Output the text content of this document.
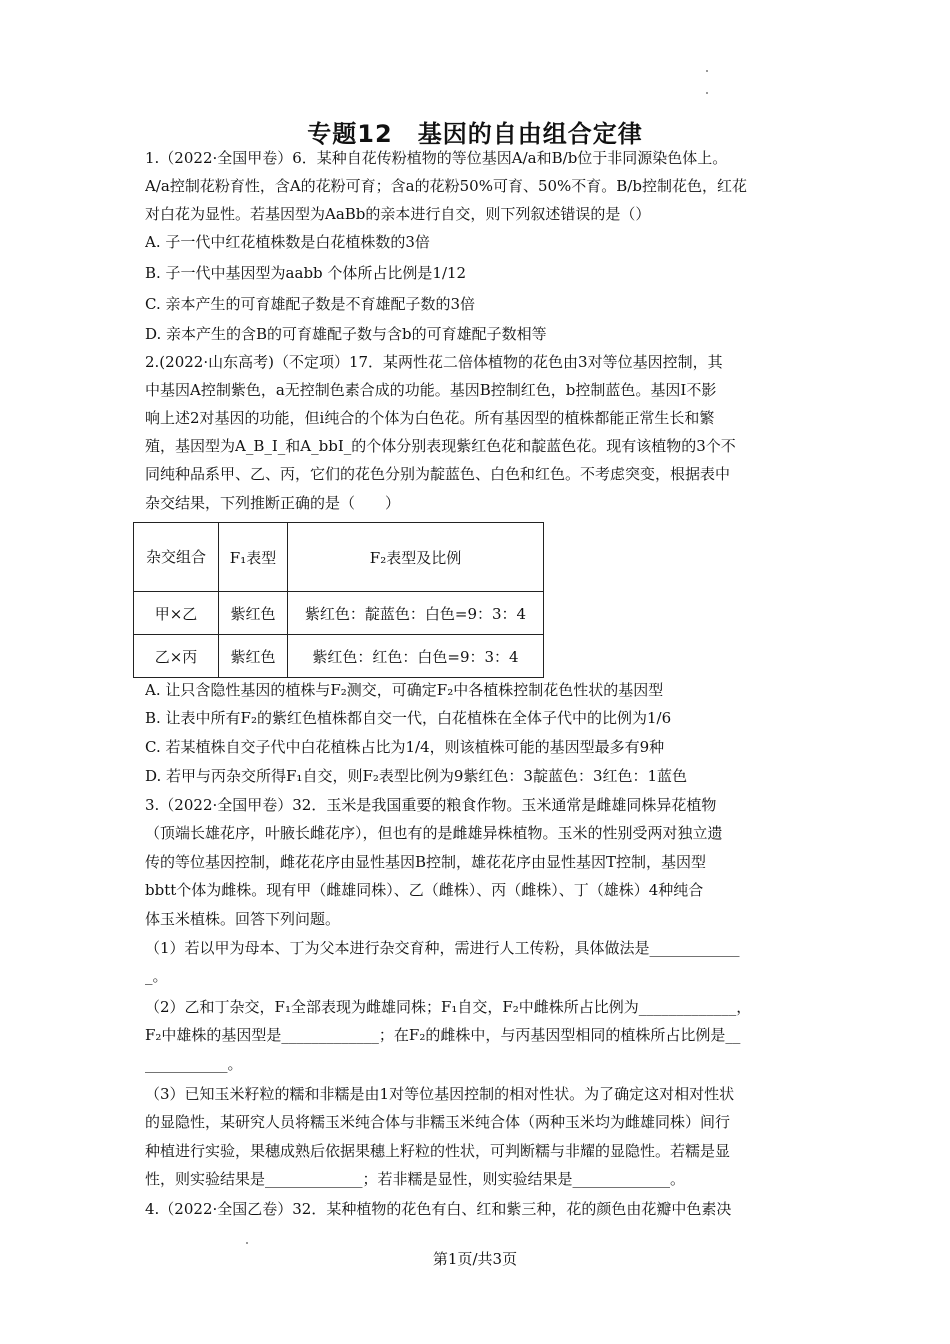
专题12　基因的自由组合定律
1.（2022·全国甲卷）6．某种自花传粉植物的等位基因A/a和B/b位于非同源染色体上。
A/a控制花粉育性，含A的花粉可育；含a的花粉50%可育、50%不育。B/b控制花色，红花
对白花为显性。若基因型为AaBb的亲本进行自交，则下列叙述错误的是（）
A. 子一代中红花植株数是白花植株数的3倍
B. 子一代中基因型为aabb 个体所占比例是1/12
C. 亲本产生的可育雄配子数是不育雄配子数的3倍
D. 亲本产生的含B的可育雄配子数与含b的可育雄配子数相等
2.(2022·山东高考)（不定项）17．某两性花二倍体植物的花色由3对等位基因控制，其
中基因A控制紫色，a无控制色素合成的功能。基因B控制红色，b控制蓝色。基因I不影
响上述2对基因的功能，但i纯合的个体为白色花。所有基因型的植株都能正常生长和繁
殖，基因型为A_B_I_和A_bbI_的个体分别表现紫红色花和靛蓝色花。现有该植物的3个不
同纯种品系甲、乙、丙，它们的花色分别为靛蓝色、白色和红色。不考虑突变，根据表中
杂交结果，下列推断正确的是（　　）
杂交组合	F₁表型	F₂表型及比例
甲×乙	紫红色	紫红色：靛蓝色：白色=9：3：4
乙×丙	紫红色	紫红色：红色：白色=9：3：4
A. 让只含隐性基因的植株与F₂测交，可确定F₂中各植株控制花色性状的基因型
B. 让表中所有F₂的紫红色植株都自交一代，白花植株在全体子代中的比例为1/6
C. 若某植株自交子代中白花植株占比为1/4，则该植株可能的基因型最多有9种
D. 若甲与丙杂交所得F₁自交，则F₂表型比例为9紫红色：3靛蓝色：3红色：1蓝色
3.（2022·全国甲卷）32．玉米是我国重要的粮食作物。玉米通常是雌雄同株异花植物
（顶端长雄花序，叶腋长雌花序），但也有的是雌雄异株植物。玉米的性别受两对独立遗
传的等位基因控制，雌花花序由显性基因B控制，雄花花序由显性基因T控制，基因型
bbtt个体为雌株。现有甲（雌雄同株）、乙（雌株）、丙（雌株）、丁（雄株）4种纯合
体玉米植株。回答下列问题。
（1）若以甲为母本、丁为父本进行杂交育种，需进行人工传粉，具体做法是____________
_。
（2）乙和丁杂交，F₁全部表现为雌雄同株；F₁自交，F₂中雌株所占比例为_____________，
F₂中雄株的基因型是_____________；在F₂的雌株中，与丙基因型相同的植株所占比例是__
___________。
（3）已知玉米籽粒的糯和非糯是由1对等位基因控制的相对性状。为了确定这对相对性状
的显隐性，某研究人员将糯玉米纯合体与非糯玉米纯合体（两种玉米均为雌雄同株）间行
种植进行实验，果穗成熟后依据果穗上籽粒的性状，可判断糯与非耀的显隐性。若糯是显
性，则实验结果是_____________；若非糯是显性，则实验结果是_____________。
4.（2022·全国乙卷）32．某种植物的花色有白、红和紫三种，花的颜色由花瓣中色素决
第1页/共3页
